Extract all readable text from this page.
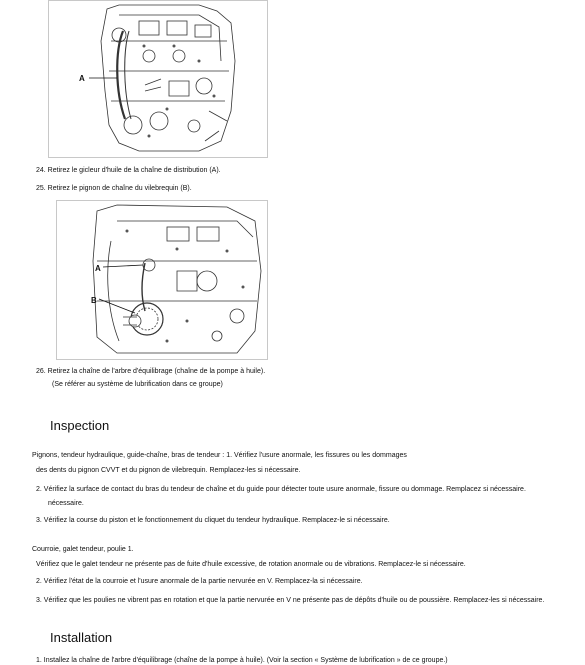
A
24. Retirez le gicleur d'huile de la chaîne de distribution (A).
25. Retirez le pignon de chaîne du vilebrequin (B).
A
B
26. Retirez la chaîne de l'arbre d'équilibrage (chaîne de la pompe à huile).
(Se référer au système de lubrification dans ce groupe)
Inspection
Pignons, tendeur hydraulique, guide-chaîne, bras de tendeur : 1. Vérifiez l'usure anormale, les fissures ou les dommages
des dents du pignon CVVT et du pignon de vilebrequin. Remplacez-les si nécessaire.
2. Vérifiez la surface de contact du bras du tendeur de chaîne et du guide pour détecter toute usure anormale, fissure ou dommage. Remplacez si nécessaire.
nécessaire.
3. Vérifiez la course du piston et le fonctionnement du cliquet du tendeur hydraulique. Remplacez-le si nécessaire.
Courroie, galet tendeur, poulie 1.
Vérifiez que le galet tendeur ne présente pas de fuite d'huile excessive, de rotation anormale ou de vibrations. Remplacez-le si nécessaire.
2. Vérifiez l'état de la courroie et l'usure anormale de la partie nervurée en V. Remplacez-la si nécessaire.
3. Vérifiez que les poulies ne vibrent pas en rotation et que la partie nervurée en V ne présente pas de dépôts d'huile ou de poussière. Remplacez-les si nécessaire.
Installation
1. Installez la chaîne de l'arbre d'équilibrage (chaîne de la pompe à huile). (Voir la section « Système de lubrification » de ce groupe.)
